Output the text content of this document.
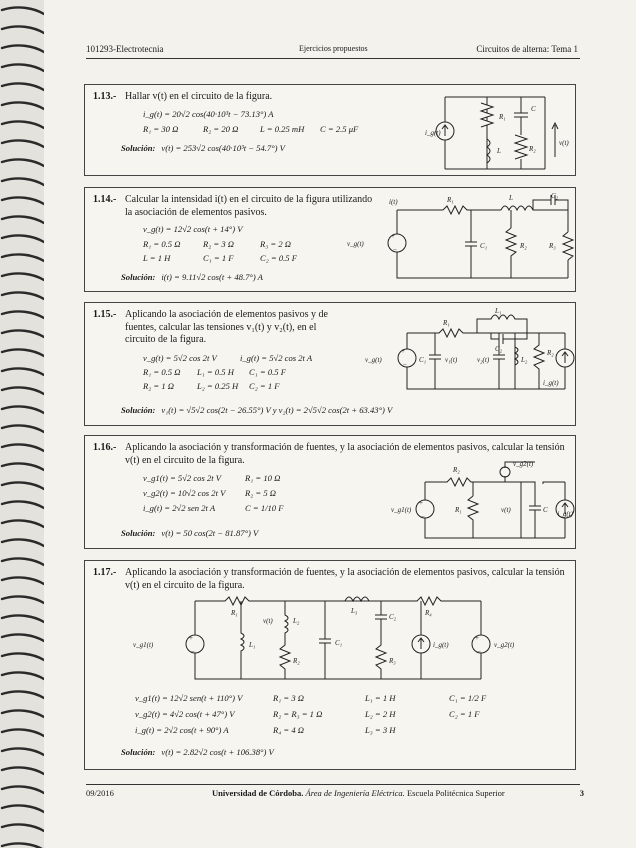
101293-Electrotecnia	Ejercicios propuestos	Circuitos de alterna: Tema 1
1.13.- Hallar v(t) en el circuito de la figura.
i_g(t) = 20√2 cos(40·10³t − 73.13°) A
R₁ = 30 Ω	R₂ = 20 Ω	L = 0.25 mH C = 2.5 μF
Solución: v(t) = 253√2 cos(40·10³t − 54.7°) V
i_g(t)
R₁
C
L	R₂
v(t)
1.14.- Calcular la intensidad i(t) en el circuito de la figura utilizando la asociación de elementos pasivos.
v_g(t) = 12√2 cos(t + 14°) V
R₁ = 0.5 Ω	R₂ = 3 Ω	R₃ = 2 Ω
L = 1 H	C₁ = 1 F	C₂ = 0.5 F
Solución: i(t) = 9.11√2 cos(t + 48.7°) A
+
−
i(t)	R₁	L	C₂
v_g(t)	C₁	R₂	R₃
1.15.- Aplicando la asociación de elementos pasivos y de fuentes, calcular las tensiones v₁(t) y v₂(t), en el circuito de la figura.
v_g(t) = 5√2 cos 2t V	i_g(t) = 5√2 cos 2t A
R₁ = 0.5 Ω L₁ = 0.5 H C₁ = 0.5 F
R₂ = 1 Ω	L₂ = 0.25 H C₂ = 1 F
Solución: v₁(t) = √5√2 cos(2t − 26.55°) V y v₂(t) = 2√5√2 cos(2t + 63.43°) V
+
−
L₁
R₁
C₂
v_g(t)	C₁	v₁(t)	v₂(t)	L₂
R₂
i_g(t)
1.16.- Aplicando la asociación y transformación de fuentes, y la asociación de elementos pasivos, calcular la tensión v(t) en el circuito de la figura.
v_g1(t) = 5√2 cos 2t V	R₁ = 10 Ω
v_g2(t) = 10√2 cos 2t V R₂ = 5 Ω
i_g(t) = 2√2 sen 2t A	C = 1/10 F
Solución: v(t) = 50 cos(2t − 81.87°) V
+
−
R₂
v_g2(t)
v_g1(t)	R₁	v(t)	C i_g(t)
1.17.- Aplicando la asociación y transformación de fuentes, y la asociación de elementos pasivos, calcular la tensión v(t) en el circuito de la figura.
+
−
+
−
R₁
v(t)	L₂
L₃	R₄
v_g1(t)	L₁
R₂
C₁
C₂
R₃
i_g(t)	v_g2(t)
v_g1(t) = 12√2 sen(t + 110°) V	R₁ = 3 Ω	L₁ = 1 H	C₁ = 1/2 F
v_g2(t) = 4√2 cos(t + 47°) V	R₂ = R₃ = 1 Ω	L₂ = 2 H	C₂ = 1 F
i_g(t) = 2√2 cos(t + 90°) A	R₄ = 4 Ω	L₃ = 3 H
Solución: v(t) = 2.82√2 cos(t + 106.38°) V
09/2016	Universidad de Córdoba. Área de Ingeniería Eléctrica. Escuela Politécnica Superior	3
